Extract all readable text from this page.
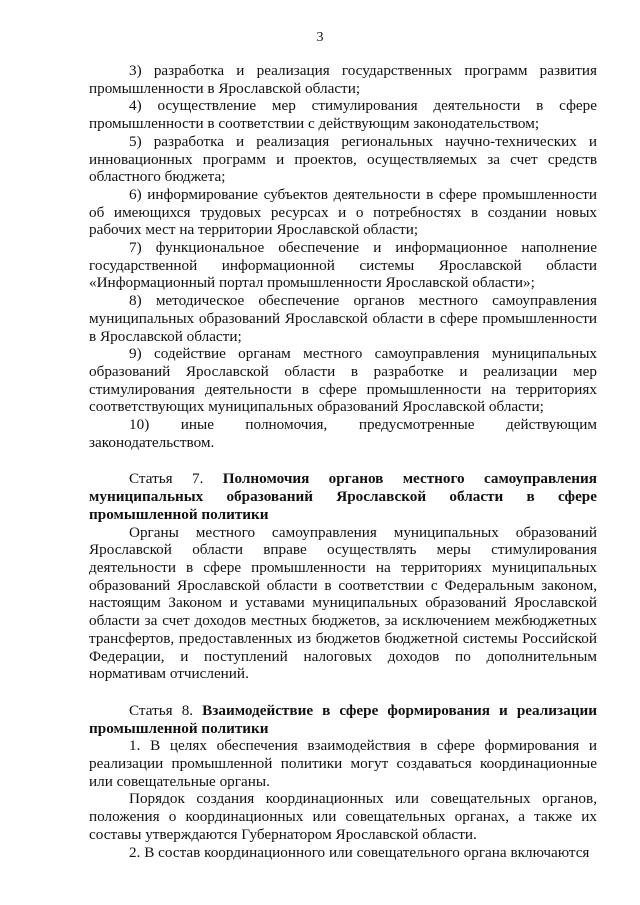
3

3) разработка и реализация государственных программ развития промышленности в Ярославской области;

4) осуществление мер стимулирования деятельности в сфере промышленности в соответствии с действующим законодательством;

5) разработка и реализация региональных научно-технических и инновационных программ и проектов, осуществляемых за счет средств областного бюджета;

6) информирование субъектов деятельности в сфере промышленности об имеющихся трудовых ресурсах и о потребностях в создании новых рабочих мест на территории Ярославской области;

7) функциональное обеспечение и информационное наполнение государственной информационной системы Ярославской области «Информационный портал промышленности Ярославской области»;

8) методическое обеспечение органов местного самоуправления муниципальных образований Ярославской области в сфере промышленности в Ярославской области;

9) содействие органам местного самоуправления муниципальных образований Ярославской области в разработке и реализации мер стимулирования деятельности в сфере промышленности на территориях соответствующих муниципальных образований Ярославской области;

10) иные полномочия, предусмотренные действующим законодательством.

Статья 7. Полномочия органов местного самоуправления муниципальных образований Ярославской области в сфере промышленной политики

Органы местного самоуправления муниципальных образований Ярославской области вправе осуществлять меры стимулирования деятельности в сфере промышленности на территориях муниципальных образований Ярославской области в соответствии с Федеральным законом, настоящим Законом и уставами муниципальных образований Ярославской области за счет доходов местных бюджетов, за исключением межбюджетных трансфертов, предоставленных из бюджетов бюджетной системы Российской Федерации, и поступлений налоговых доходов по дополнительным нормативам отчислений.

Статья 8. Взаимодействие в сфере формирования и реализации промышленной политики

1. В целях обеспечения взаимодействия в сфере формирования и реализации промышленной политики могут создаваться координационные или совещательные органы.

Порядок создания координационных или совещательных органов, положения о координационных или совещательных органах, а также их составы утверждаются Губернатором Ярославской области.

2. В состав координационного или совещательного органа включаются
